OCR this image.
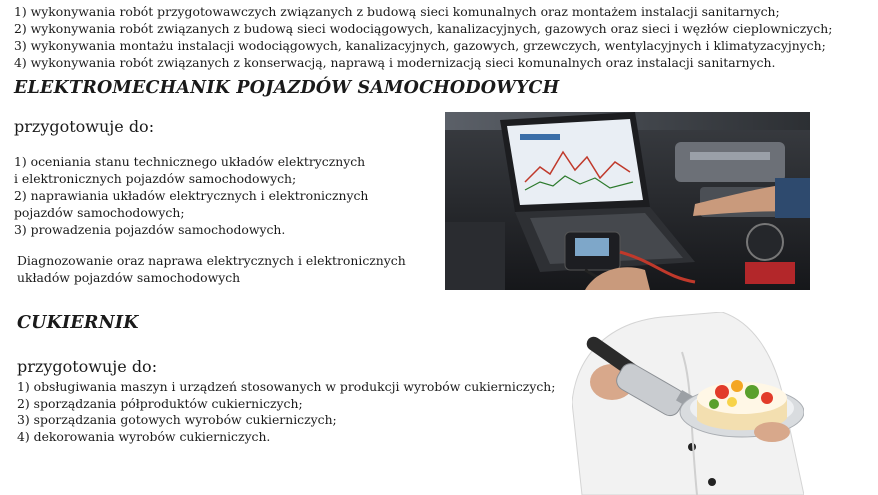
1) wykonywania robót przygotowawczych związanych z budową sieci komunalnych oraz montażem instalacji sanitarnych;
2) wykonywania robót związanych z budową sieci wodociągowych, kanalizacyjnych, gazowych oraz sieci i węzłów cieplowniczych;
3) wykonywania montażu instalacji wodociągowych, kanalizacyjnych, gazowych, grzewczych, wentylacyjnych i klimatyzacyjnych;
4) wykonywania robót związanych z konserwacją, naprawą i modernizacją sieci komunalnych oraz instalacji sanitarnych.
ELEKTROMECHANIK POJAZDÓW SAMOCHODOWYCH
przygotowuje do:
1) oceniania stanu technicznego układów elektrycznych
i elektronicznych pojazdów samochodowych;
2) naprawiania układów elektrycznych i elektronicznych
pojazdów samochodowych;
3) prowadzenia pojazdów samochodowych.
Diagnozowanie oraz naprawa elektrycznych i elektronicznych
układów pojazdów samochodowych
CUKIERNIK
przygotowuje do:
1) obsługiwania maszyn i urządzeń stosowanych w produkcji wyrobów cukierniczych;
2) sporządzania półproduktów cukierniczych;
3) sporządzania gotowych wyrobów cukierniczych;
4) dekorowania wyrobów cukierniczych.
